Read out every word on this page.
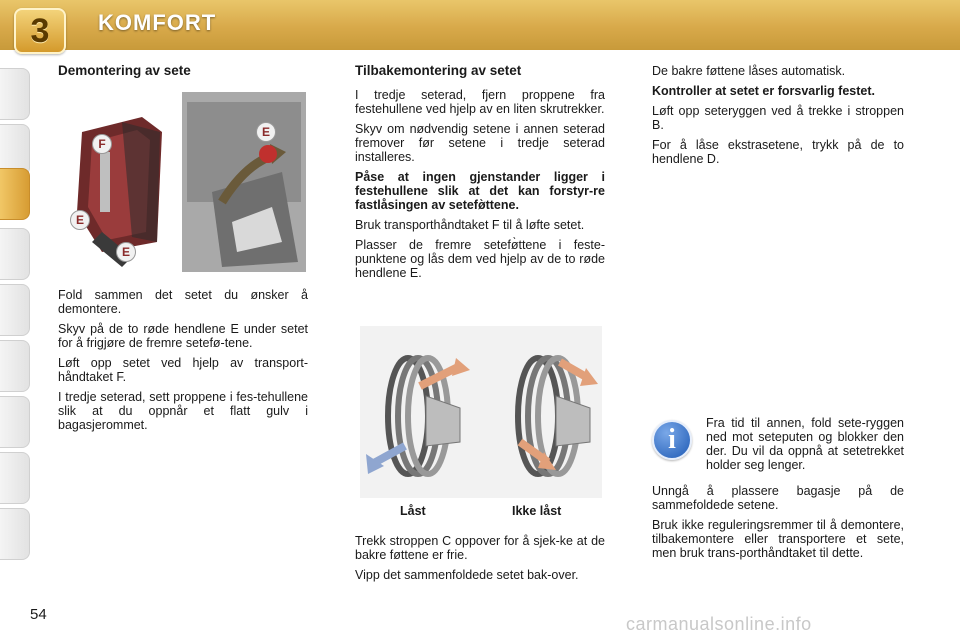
3	KOMFORT
Demontering av sete
F
E
E
E

Fold sammen det setet du ønsker å demontere.

Skyv på de to røde hendlene E under setet for å frigjøre de fremre setefø-tene.

Løft opp setet ved hjelp av transport-håndtaket F.

I tredje seterad, sett proppene i fes-tehullene slik at du oppnår et flatt gulv i bagasjerommet.

Tilbakemontering av setet

I tredje seterad, fjern proppene fra festehullene ved hjelp av en liten skrutrekker.

Skyv om nødvendig setene i annen seterad fremover før setene i tredje seterad installeres.

Påse at ingen gjenstander ligger i festehullene slik at det kan forstyr-re fastlåsingen av setefø̀ttene.

Bruk transporthåndtaket F til å løfte setet.

Plasser de fremre setefø̀ttene i feste-punktene og lås dem ved hjelp av de to røde hendlene E.

Låst	Ikke låst

Trekk stroppen C oppover for å sjek-ke at de bakre føttene er frie.

Vipp det sammenfoldede setet bak-over.

De bakre føttene låses automatisk.

Kontroller at setet er forsvarlig festet.

Løft opp seteryggen ved å trekke i stroppen B.

For å låse ekstrasetene, trykk på de to hendlene D.

i

Fra tid til annen, fold sete-ryggen ned mot seteputen og blokker den der. Du vil da oppnå at setetrekket holder seg lenger.

Unngå å plassere bagasje på de sammefoldede setene.

Bruk ikke reguleringsremmer til å demontere, tilbakemontere eller transportere et sete, men bruk trans-porthåndtaket til dette.

54	carmanualsonline.info
